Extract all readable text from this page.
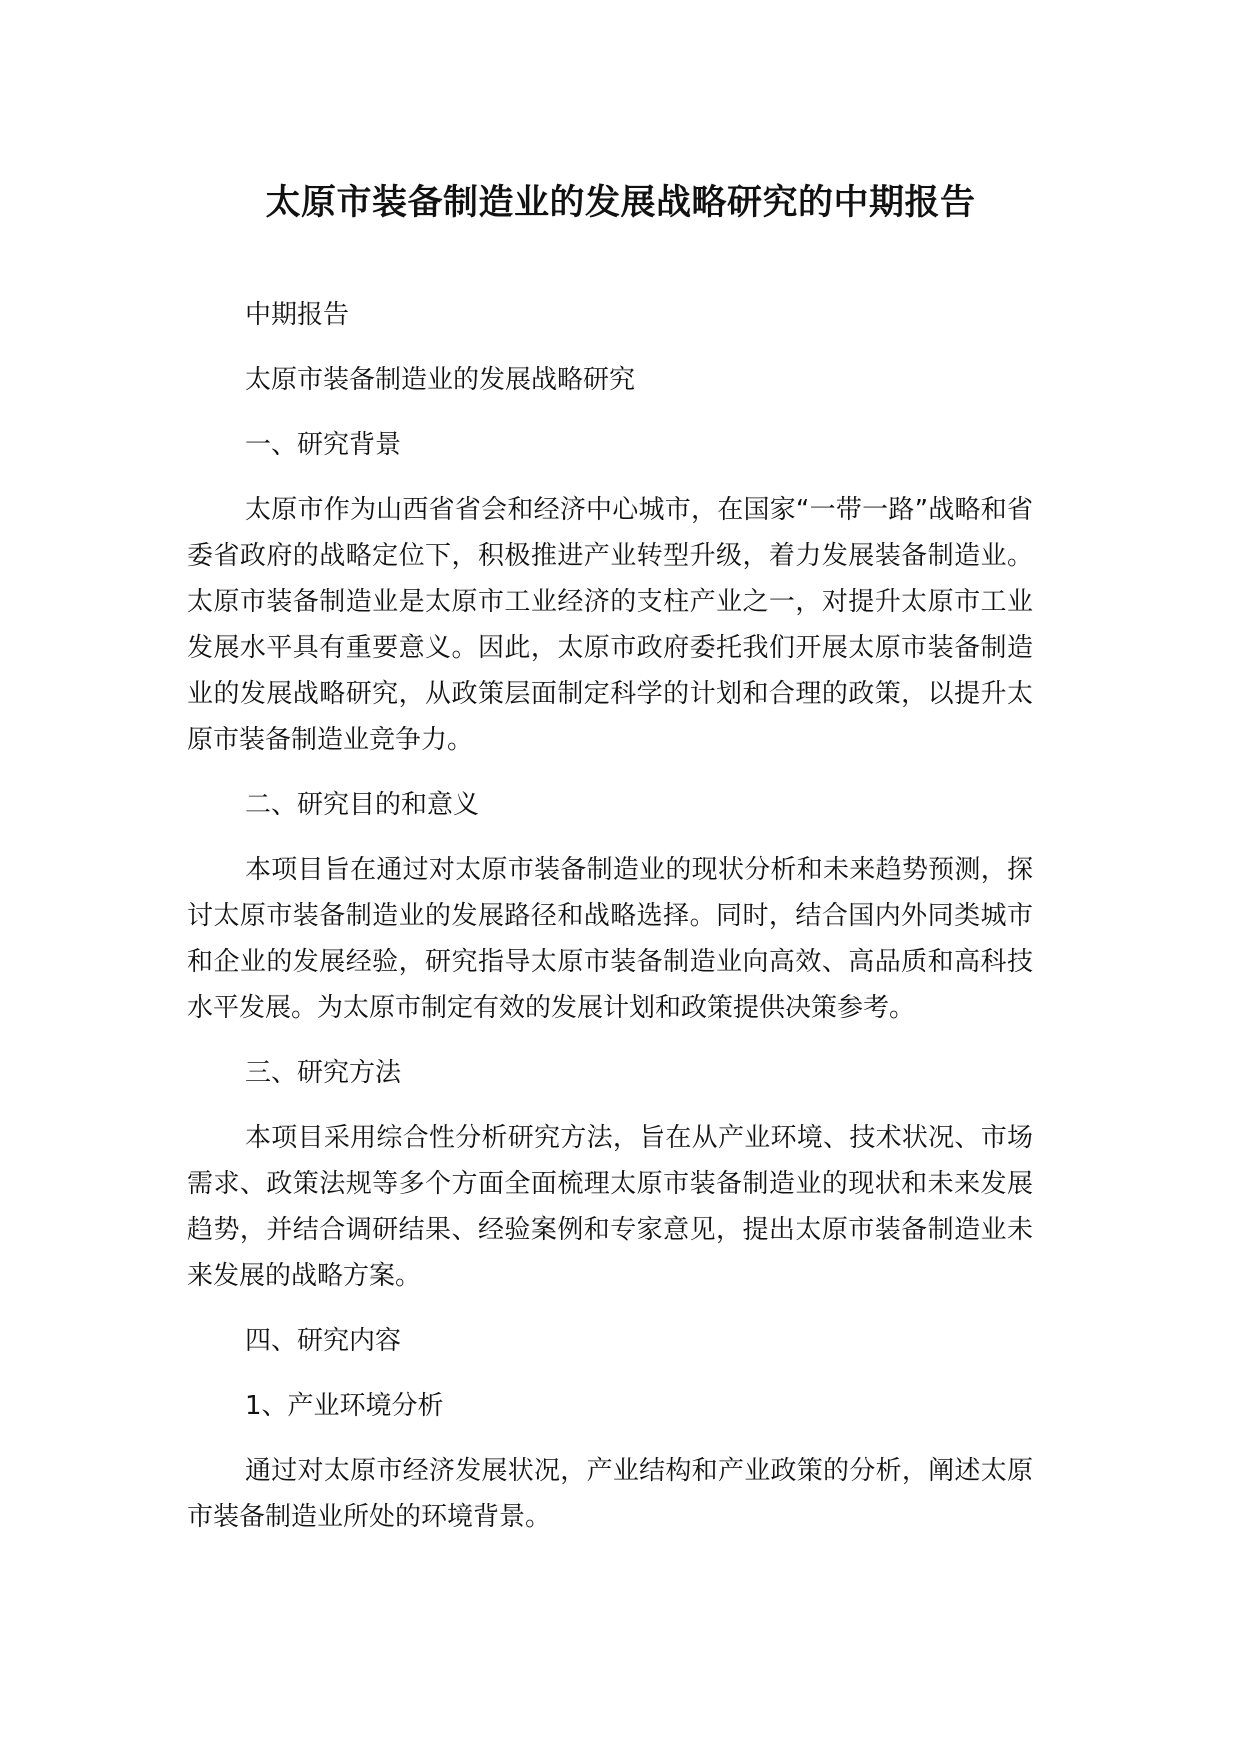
太原市装备制造业的发展战略研究的中期报告

中期报告

太原市装备制造业的发展战略研究

一、研究背景

太原市作为山西省省会和经济中心城市，在国家“一带一路”战略和省委省政府的战略定位下，积极推进产业转型升级，着力发展装备制造业。太原市装备制造业是太原市工业经济的支柱产业之一，对提升太原市工业发展水平具有重要意义。因此，太原市政府委托我们开展太原市装备制造业的发展战略研究，从政策层面制定科学的计划和合理的政策，以提升太原市装备制造业竞争力。

二、研究目的和意义

本项目旨在通过对太原市装备制造业的现状分析和未来趋势预测，探讨太原市装备制造业的发展路径和战略选择。同时，结合国内外同类城市和企业的发展经验，研究指导太原市装备制造业向高效、高品质和高科技水平发展。为太原市制定有效的发展计划和政策提供决策参考。

三、研究方法

本项目采用综合性分析研究方法，旨在从产业环境、技术状况、市场需求、政策法规等多个方面全面梳理太原市装备制造业的现状和未来发展趋势，并结合调研结果、经验案例和专家意见，提出太原市装备制造业未来发展的战略方案。

四、研究内容

1、产业环境分析

通过对太原市经济发展状况，产业结构和产业政策的分析，阐述太原市装备制造业所处的环境背景。
